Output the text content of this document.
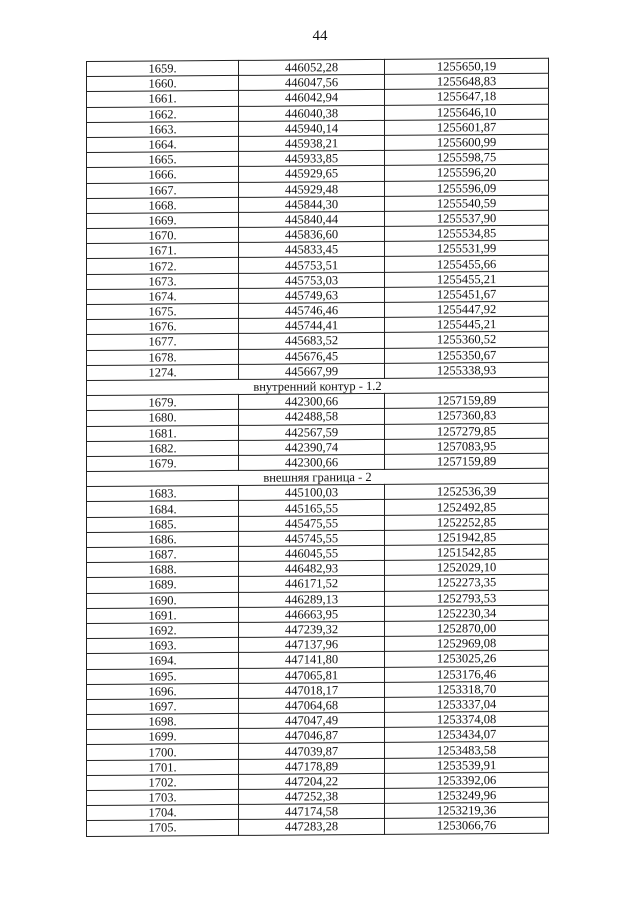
44
1659.	446052,28	1255650,19
1660.	446047,56	1255648,83
1661.	446042,94	1255647,18
1662.	446040,38	1255646,10
1663.	445940,14	1255601,87
1664.	445938,21	1255600,99
1665.	445933,85	1255598,75
1666.	445929,65	1255596,20
1667.	445929,48	1255596,09
1668.	445844,30	1255540,59
1669.	445840,44	1255537,90
1670.	445836,60	1255534,85
1671.	445833,45	1255531,99
1672.	445753,51	1255455,66
1673.	445753,03	1255455,21
1674.	445749,63	1255451,67
1675.	445746,46	1255447,92
1676.	445744,41	1255445,21
1677.	445683,52	1255360,52
1678.	445676,45	1255350,67
1274.	445667,99	1255338,93
внутренний контур - 1.2		
1679.	442300,66	1257159,89
1680.	442488,58	1257360,83
1681.	442567,59	1257279,85
1682.	442390,74	1257083,95
1679.	442300,66	1257159,89
внешняя граница - 2		
1683.	445100,03	1252536,39
1684.	445165,55	1252492,85
1685.	445475,55	1252252,85
1686.	445745,55	1251942,85
1687.	446045,55	1251542,85
1688.	446482,93	1252029,10
1689.	446171,52	1252273,35
1690.	446289,13	1252793,53
1691.	446663,95	1252230,34
1692.	447239,32	1252870,00
1693.	447137,96	1252969,08
1694.	447141,80	1253025,26
1695.	447065,81	1253176,46
1696.	447018,17	1253318,70
1697.	447064,68	1253337,04
1698.	447047,49	1253374,08
1699.	447046,87	1253434,07
1700.	447039,87	1253483,58
1701.	447178,89	1253539,91
1702.	447204,22	1253392,06
1703.	447252,38	1253249,96
1704.	447174,58	1253219,36
1705.	447283,28	1253066,76
